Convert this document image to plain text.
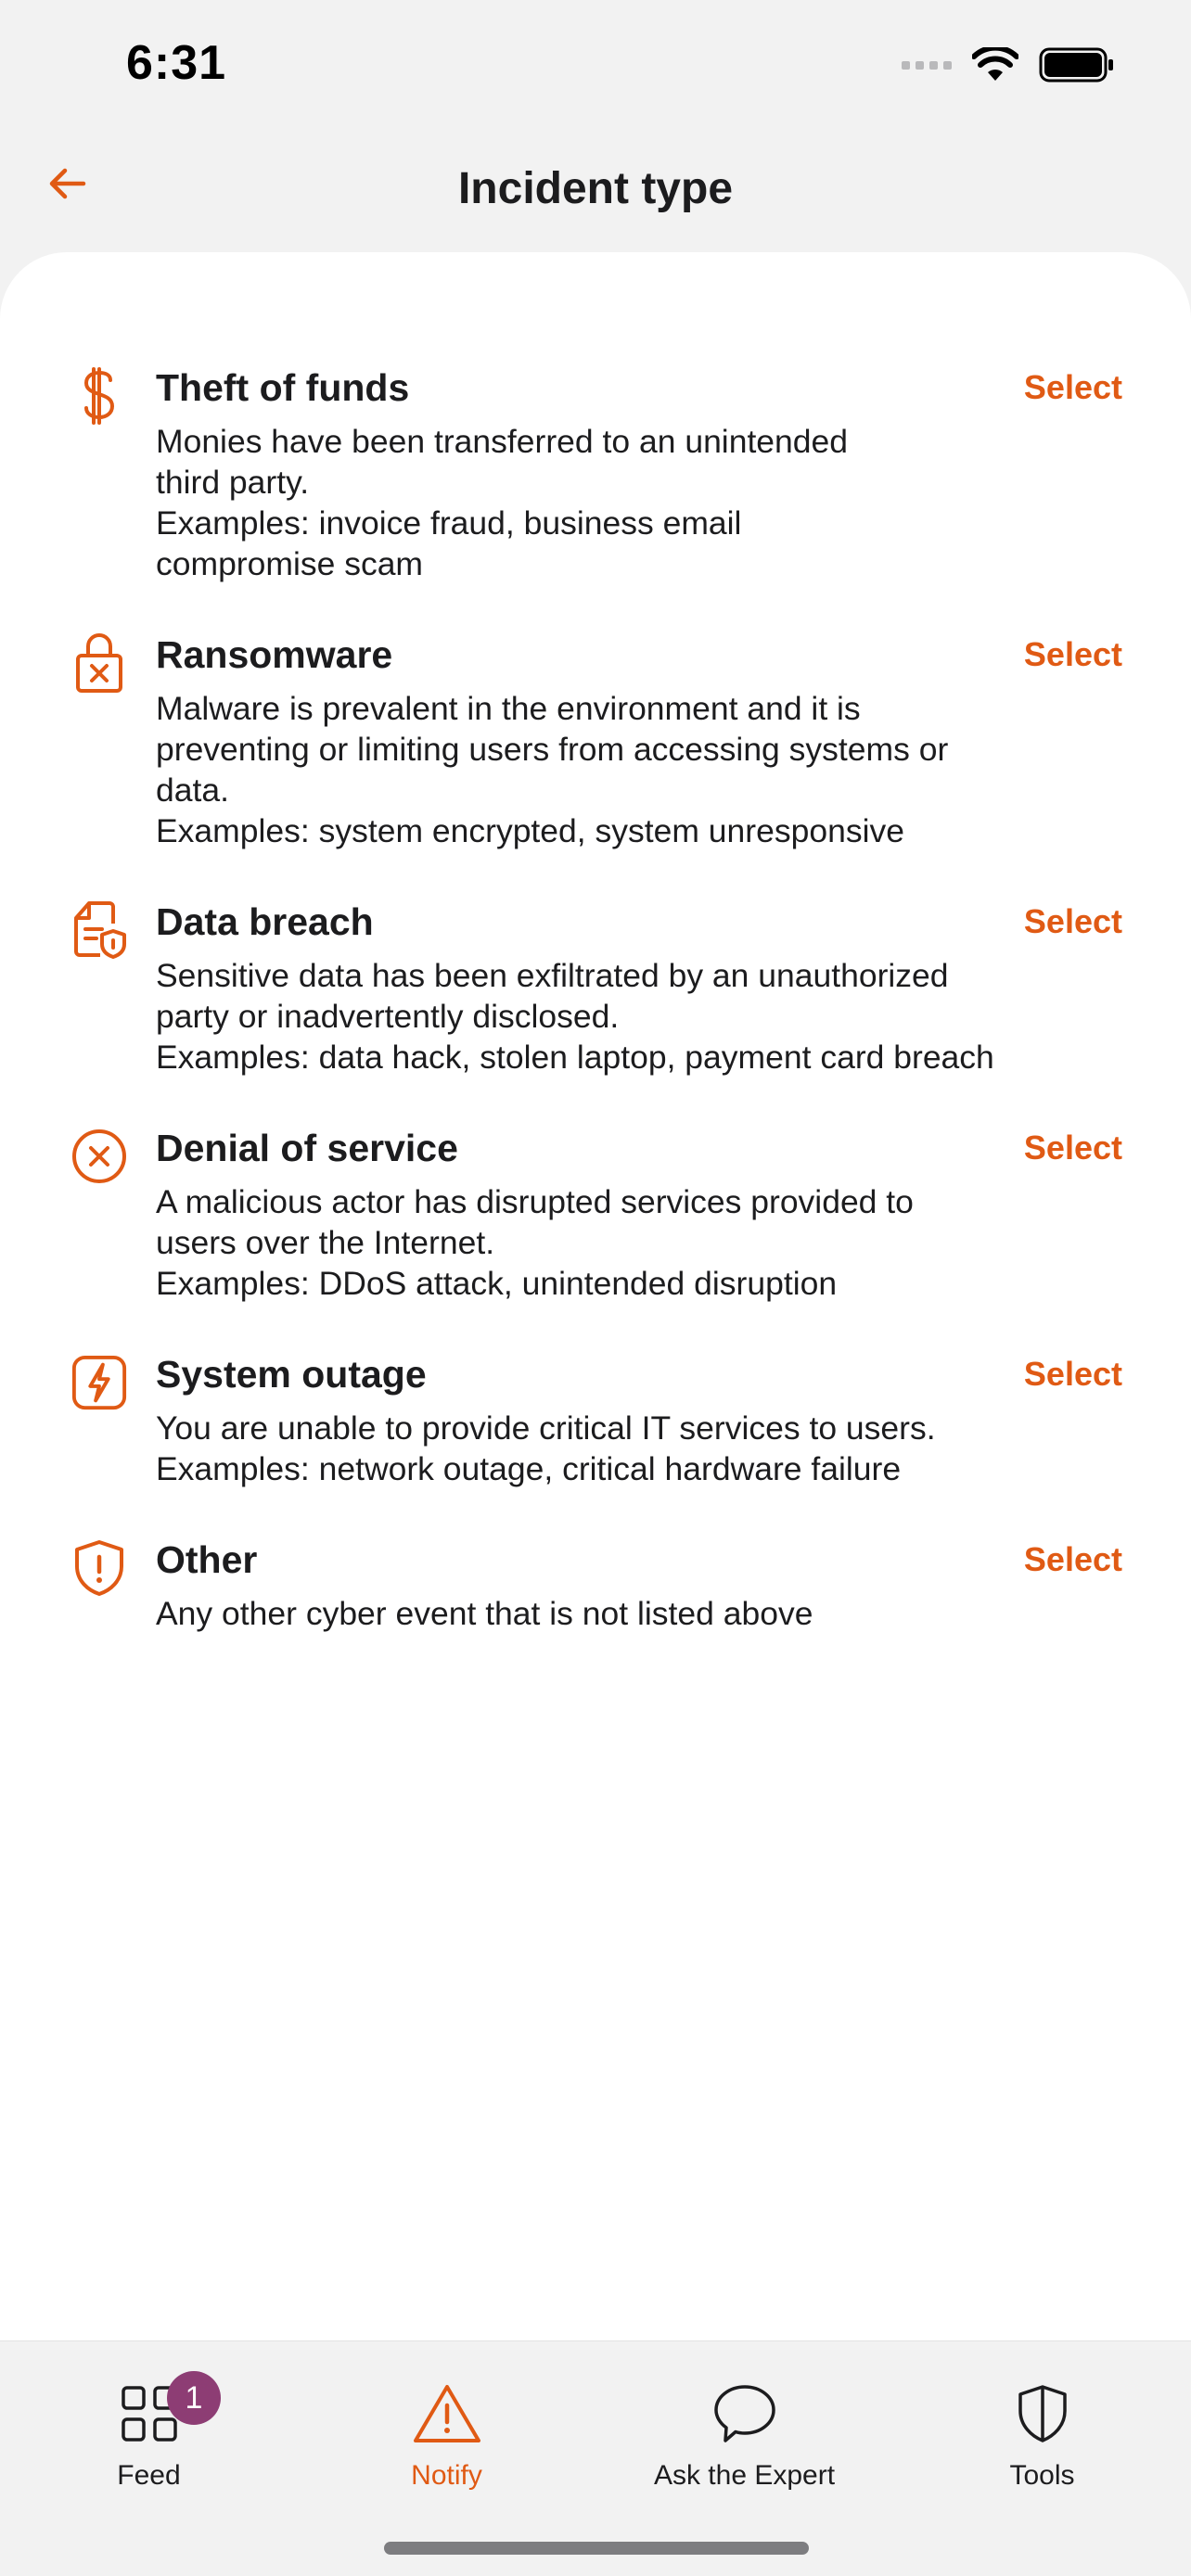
6:31
Incident type
Theft of funds	Select
Monies have been transferred to an unintended
third party.
Examples: invoice fraud, business email
compromise scam
Ransomware	Select
Malware is prevalent in the environment and it is
preventing or limiting users from accessing systems or
data.
Examples: system encrypted, system unresponsive
Data breach	Select
Sensitive data has been exfiltrated by an unauthorized
party or inadvertently disclosed.
Examples: data hack, stolen laptop, payment card breach
Denial of service	Select
A malicious actor has disrupted services provided to
users over the Internet.
Examples: DDoS attack, unintended disruption
System outage	Select
You are unable to provide critical IT services to users.
Examples: network outage, critical hardware failure
Other	Select
Any other cyber event that is not listed above
1
Feed	Notify	Ask the Expert	Tools
